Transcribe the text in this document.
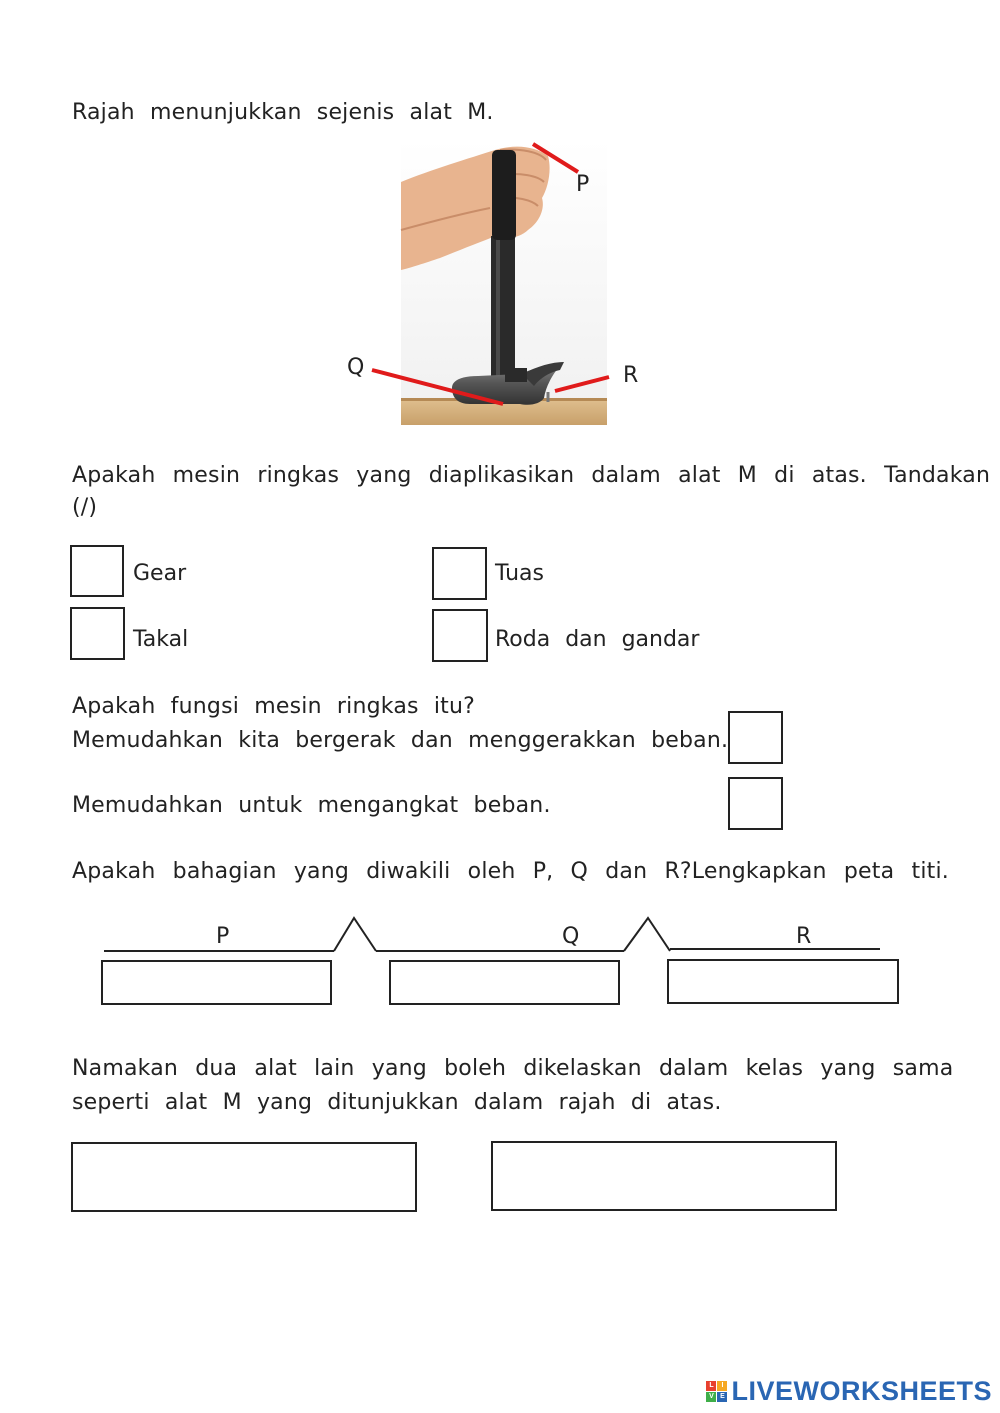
Rajah menunjukkan sejenis alat M.
P
Q	R
Apakah mesin ringkas yang diaplikasikan dalam alat M di atas. Tandakan
(/)
Gear	Tuas
Takal	Roda dan gandar
Apakah fungsi mesin ringkas itu?
Memudahkan kita bergerak dan menggerakkan beban.
Memudahkan untuk mengangkat beban.
Apakah bahagian yang diwakili oleh P, Q dan R?Lengkapkan peta titi.
P	Q	R
Namakan dua alat lain yang boleh dikelaskan dalam kelas yang sama
seperti alat M yang ditunjukkan dalam rajah di atas.
L	I
V E LIVEWORKSHEETS
